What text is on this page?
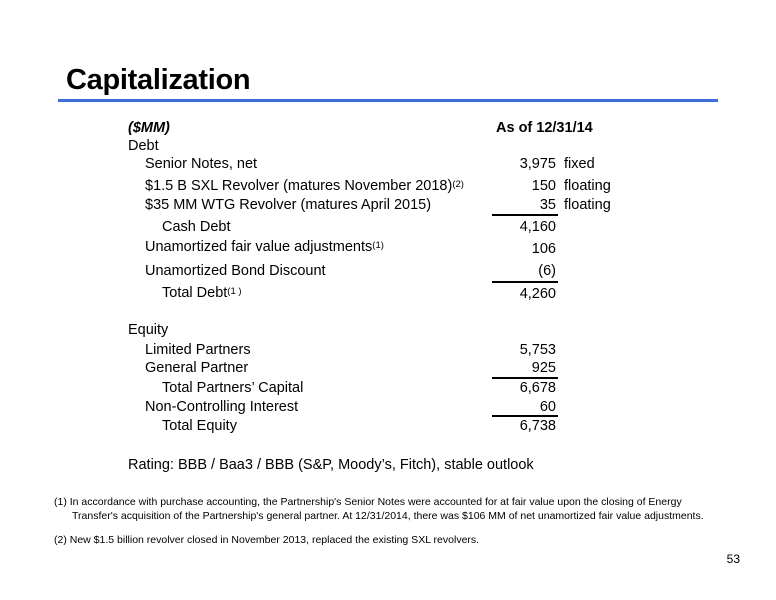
Capitalization
($MM)	As of 12/31/14
Debt
Senior Notes, net	3,975 fixed
$1.5 B SXL Revolver (matures November 2018)$^{(2)}$	150 floating
$35 MM WTG Revolver (matures April 2015)	35 floating
Cash Debt	4,160
Unamortized fair value adjustments$^{(1)}$	106
Unamortized Bond Discount	(6)
Total Debt$^{(1 )}$	4,260
Equity
Limited Partners	5,753
General Partner	925
Total Partners’ Capital	6,678
Non-Controlling Interest	60
Total Equity	6,738
Rating: BBB / Baa3 / BBB (S&P, Moody’s, Fitch), stable outlook
(1) In accordance with purchase accounting, the Partnership's Senior Notes were accounted for at fair value upon the closing of Energy
Transfer's acquisition of the Partnership's general partner. At 12/31/2014, there was $106 MM of net unamortized fair value adjustments.
(2) New $1.5 billion revolver closed in November 2013, replaced the existing SXL revolvers.
53
